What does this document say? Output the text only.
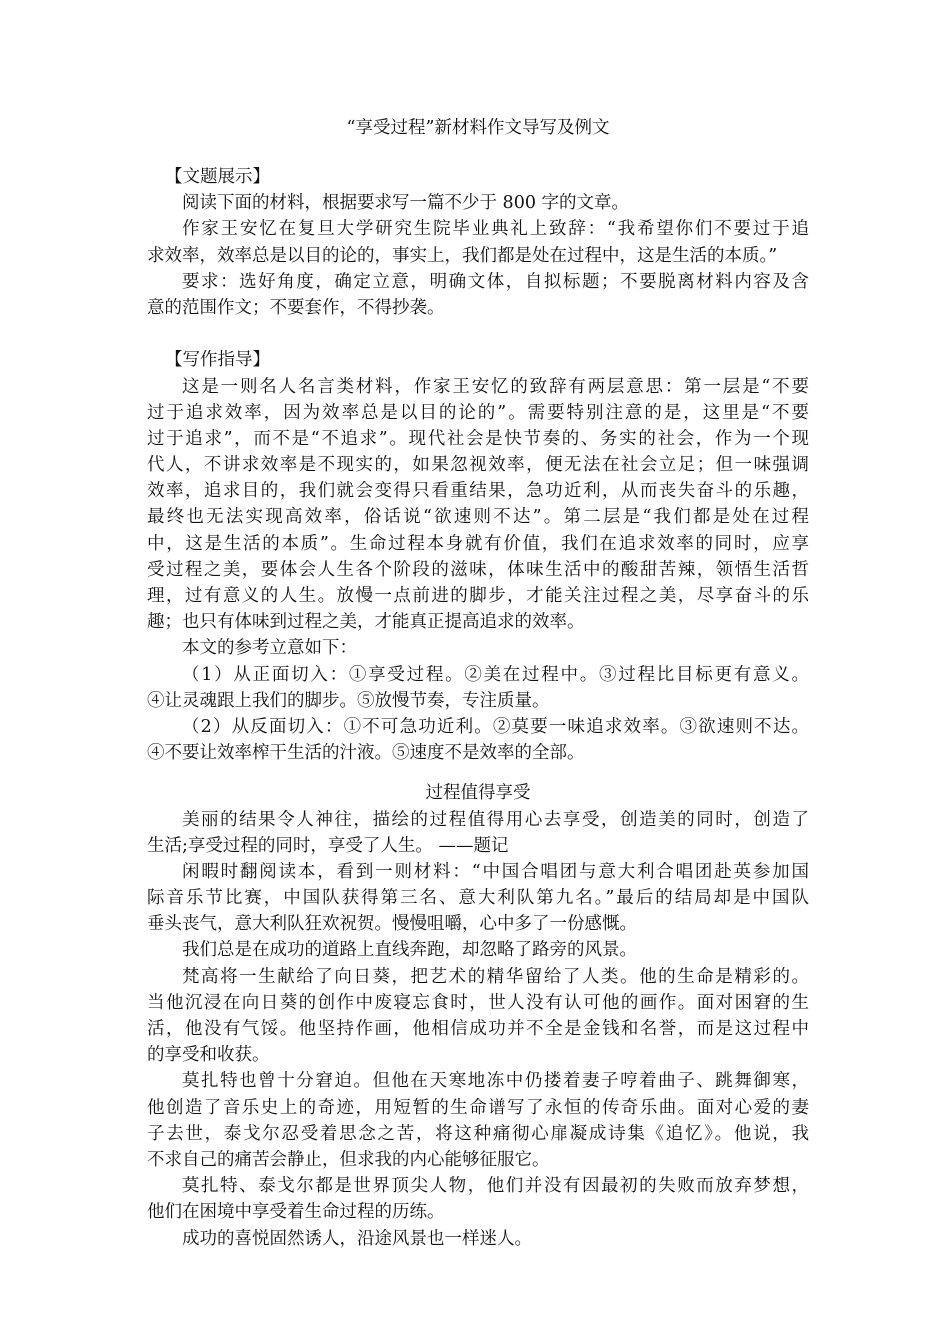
“享受过程”新材料作文导写及例文
【文题展示】
阅读下面的材料，根据要求写一篇不少于 800 字的文章。
作家王安忆在复旦大学研究生院毕业典礼上致辞：“我希望你们不要过于追
求效率，效率总是以目的论的，事实上，我们都是处在过程中，这是生活的本质。”
要求：选好角度，确定立意，明确文体，自拟标题；不要脱离材料内容及含
意的范围作文；不要套作，不得抄袭。
【写作指导】
这是一则名人名言类材料，作家王安忆的致辞有两层意思：第一层是“不要
过于追求效率，因为效率总是以目的论的”。需要特别注意的是，这里是“不要
过于追求”，而不是“不追求”。现代社会是快节奏的、务实的社会，作为一个现
代人，不讲求效率是不现实的，如果忽视效率，便无法在社会立足；但一味强调
效率，追求目的，我们就会变得只看重结果，急功近利，从而丧失奋斗的乐趣，
最终也无法实现高效率，俗话说“欲速则不达”。第二层是“我们都是处在过程
中，这是生活的本质”。生命过程本身就有价值，我们在追求效率的同时，应享
受过程之美，要体会人生各个阶段的滋味，体味生活中的酸甜苦辣，领悟生活哲
理，过有意义的人生。放慢一点前进的脚步，才能关注过程之美，尽享奋斗的乐
趣；也只有体味到过程之美，才能真正提高追求的效率。
本文的参考立意如下：
（1）从正面切入：①享受过程。②美在过程中。③过程比目标更有意义。
④让灵魂跟上我们的脚步。⑤放慢节奏，专注质量。
（2）从反面切入：①不可急功近利。②莫要一味追求效率。③欲速则不达。
④不要让效率榨干生活的汁液。⑤速度不是效率的全部。
过程值得享受
美丽的结果令人神往，描绘的过程值得用心去享受，创造美的同时，创造了
生活;享受过程的同时，享受了人生。 ——题记
闲暇时翻阅读本，看到一则材料：“中国合唱团与意大利合唱团赴英参加国
际音乐节比赛，中国队获得第三名、意大利队第九名。”最后的结局却是中国队
垂头丧气，意大利队狂欢祝贺。慢慢咀嚼，心中多了一份感慨。
我们总是在成功的道路上直线奔跑，却忽略了路旁的风景。
梵高将一生献给了向日葵，把艺术的精华留给了人类。他的生命是精彩的。
当他沉浸在向日葵的创作中废寝忘食时，世人没有认可他的画作。面对困窘的生
活，他没有气馁。他坚持作画，他相信成功并不全是金钱和名誉，而是这过程中
的享受和收获。
莫扎特也曾十分窘迫。但他在天寒地冻中仍搂着妻子哼着曲子、跳舞御寒，
他创造了音乐史上的奇迹，用短暂的生命谱写了永恒的传奇乐曲。面对心爱的妻
子去世，泰戈尔忍受着思念之苦，将这种痛彻心扉凝成诗集《追忆》。他说，我
不求自己的痛苦会静止，但求我的内心能够征服它。
莫扎特、泰戈尔都是世界顶尖人物，他们并没有因最初的失败而放弃梦想，
他们在困境中享受着生命过程的历练。
成功的喜悦固然诱人，沿途风景也一样迷人。
